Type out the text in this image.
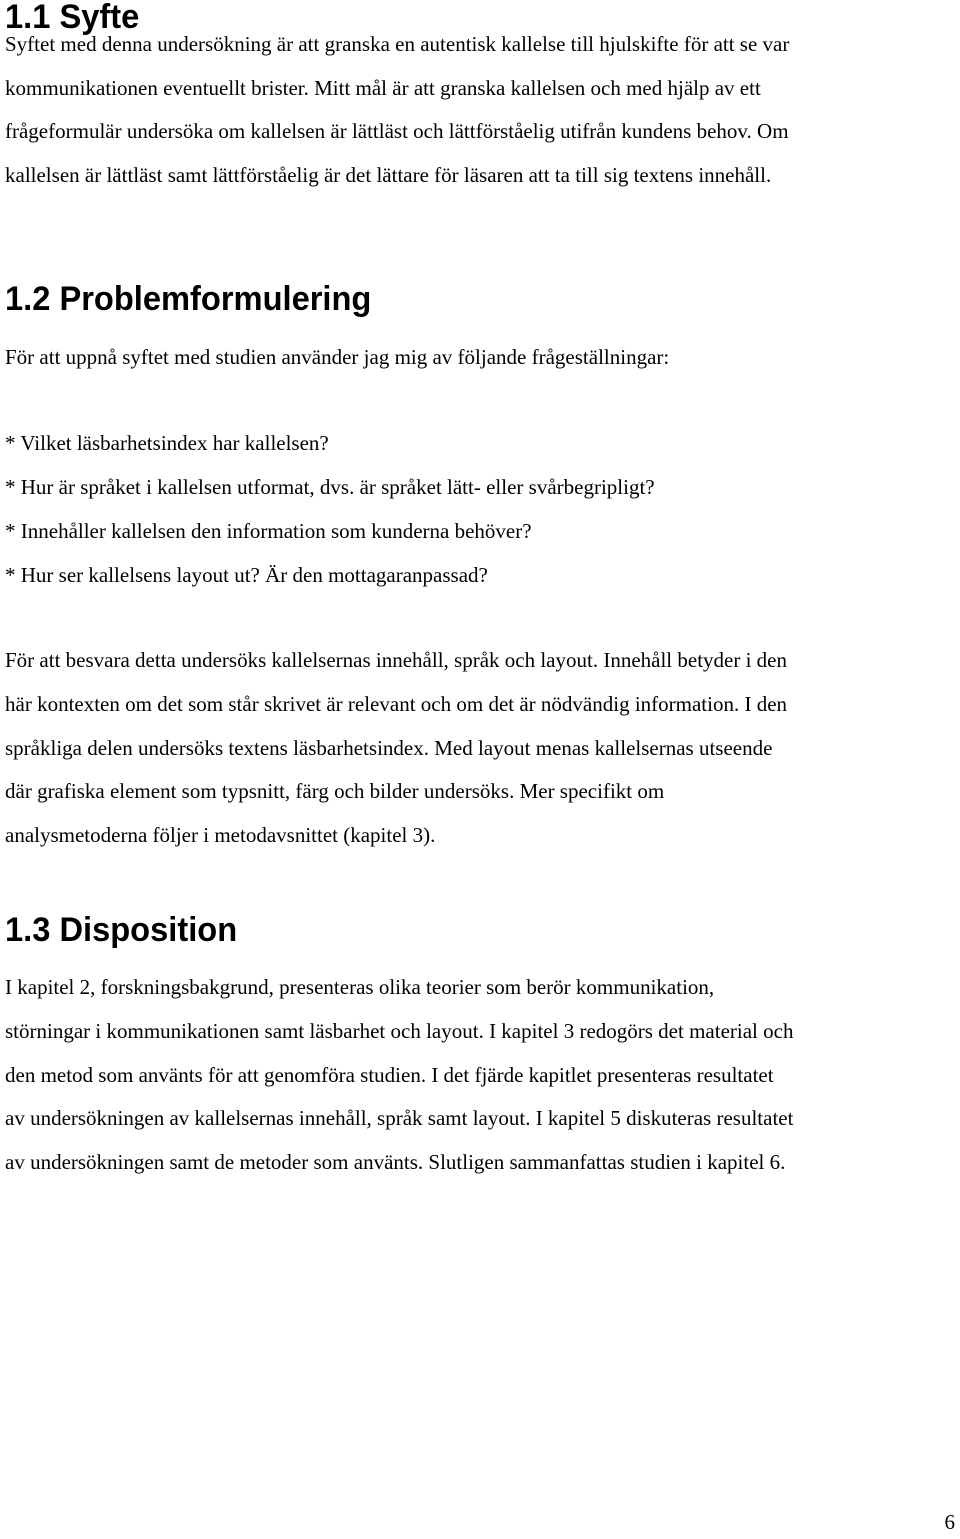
1.1 Syfte

Syftet med denna undersökning är att granska en autentisk kallelse till hjulskifte för att se var
kommunikationen eventuellt brister. Mitt mål är att granska kallelsen och med hjälp av ett
frågeformulär undersöka om kallelsen är lättläst och lättförståelig utifrån kundens behov. Om
kallelsen är lättläst samt lättförståelig är det lättare för läsaren att ta till sig textens innehåll.

1.2 Problemformulering

För att uppnå syftet med studien använder jag mig av följande frågeställningar:

* Vilket läsbarhetsindex har kallelsen?
* Hur är språket i kallelsen utformat, dvs. är språket lätt- eller svårbegripligt?
* Innehåller kallelsen den information som kunderna behöver?
* Hur ser kallelsens layout ut? Är den mottagaranpassad?

För att besvara detta undersöks kallelsernas innehåll, språk och layout. Innehåll betyder i den
här kontexten om det som står skrivet är relevant och om det är nödvändig information. I den
språkliga delen undersöks textens läsbarhetsindex. Med layout menas kallelsernas utseende
där grafiska element som typsnitt, färg och bilder undersöks. Mer specifikt om
analysmetoderna följer i metodavsnittet (kapitel 3).

1.3 Disposition

I kapitel 2, forskningsbakgrund, presenteras olika teorier som berör kommunikation,
störningar i kommunikationen samt läsbarhet och layout. I kapitel 3 redogörs det material och
den metod som använts för att genomföra studien. I det fjärde kapitlet presenteras resultatet
av undersökningen av kallelsernas innehåll, språk samt layout. I kapitel 5 diskuteras resultatet
av undersökningen samt de metoder som använts. Slutligen sammanfattas studien i kapitel 6.

6
